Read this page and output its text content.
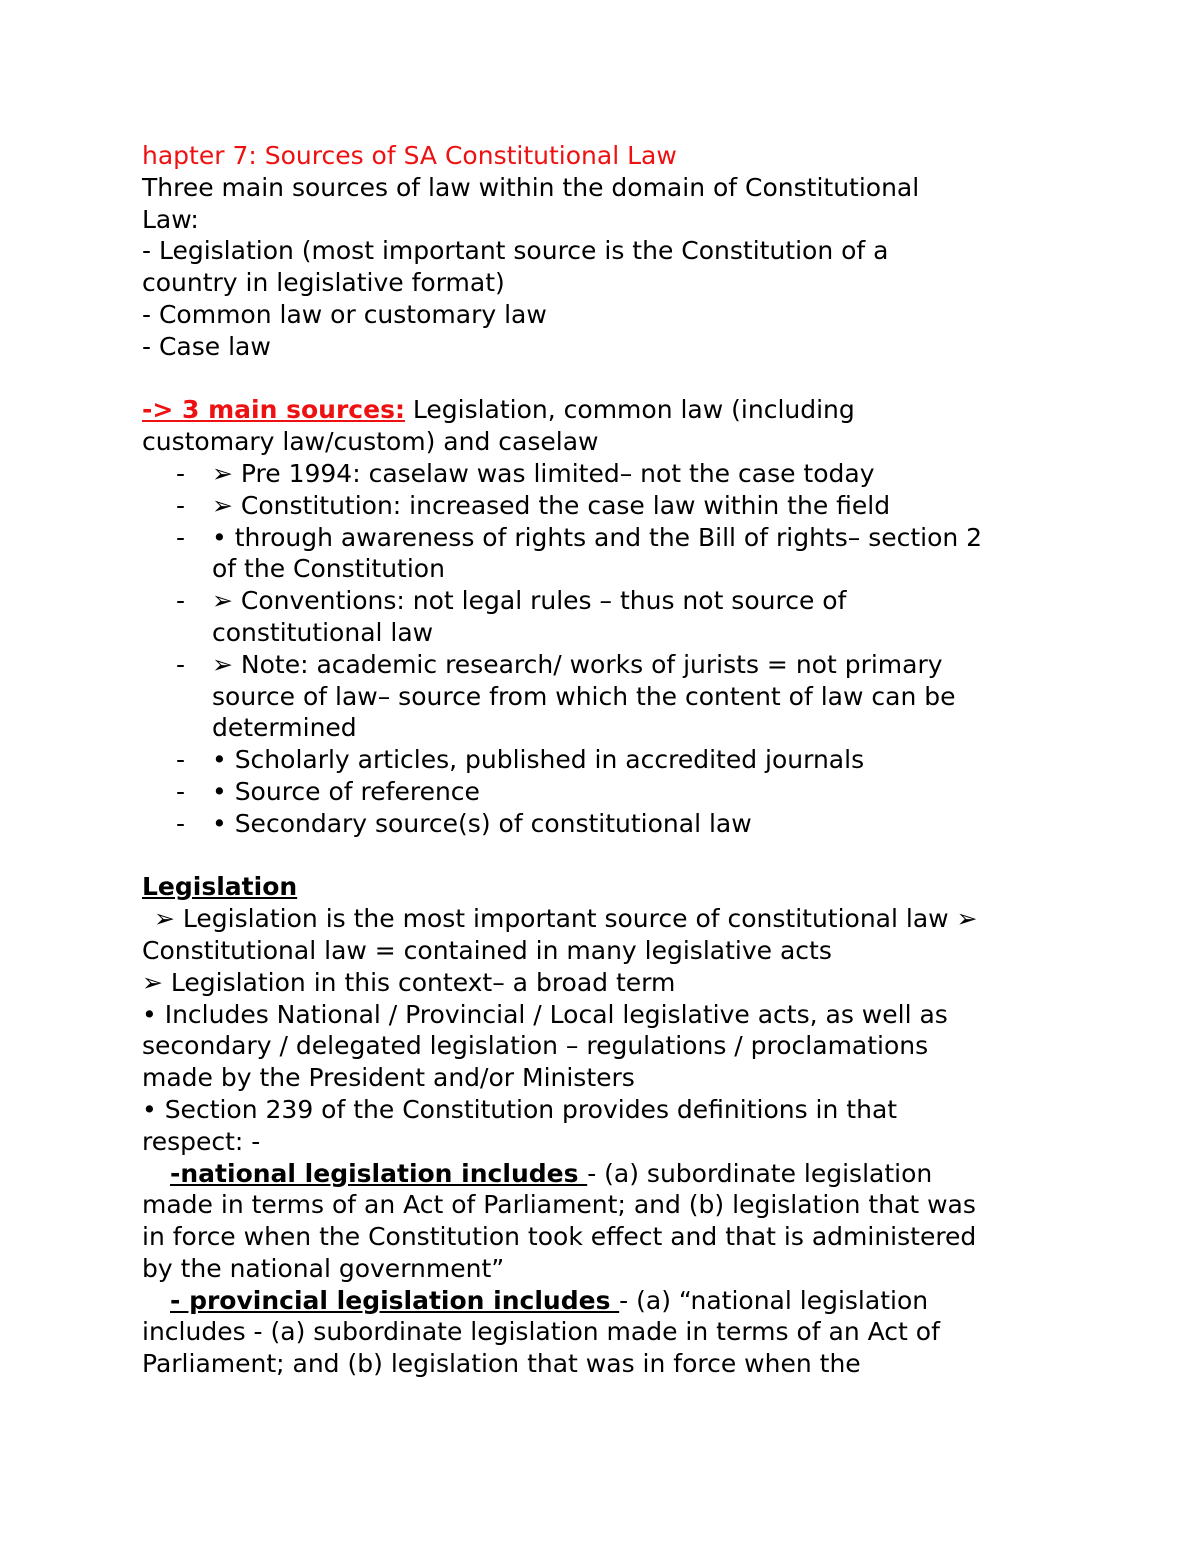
hapter 7: Sources of SA Constitutional Law
Three main sources of law within the domain of Constitutional
Law:
- Legislation (most important source is the Constitution of a
country in legislative format)
- Common law or customary law
- Case law
-> 3 main sources: Legislation, common law (including
customary law/custom) and caselaw
-	➢ Pre 1994: caselaw was limited– not the case today
-	➢ Constitution: increased the case law within the field
-	• through awareness of rights and the Bill of rights– section 2
of the Constitution
-	➢ Conventions: not legal rules – thus not source of
constitutional law
-	➢ Note: academic research/ works of jurists = not primary
source of law– source from which the content of law can be
determined
-	• Scholarly articles, published in accredited journals
-	• Source of reference
-	• Secondary source(s) of constitutional law
Legislation
➢ Legislation is the most important source of constitutional law ➢
Constitutional law = contained in many legislative acts
➢ Legislation in this context– a broad term
• Includes National / Provincial / Local legislative acts, as well as
secondary / delegated legislation – regulations / proclamations
made by the President and/or Ministers
• Section 239 of the Constitution provides definitions in that
respect: -
-national legislation includes - (a) subordinate legislation
made in terms of an Act of Parliament; and (b) legislation that was
in force when the Constitution took effect and that is administered
by the national government”
- provincial legislation includes - (a) “national legislation
includes - (a) subordinate legislation made in terms of an Act of
Parliament; and (b) legislation that was in force when the
